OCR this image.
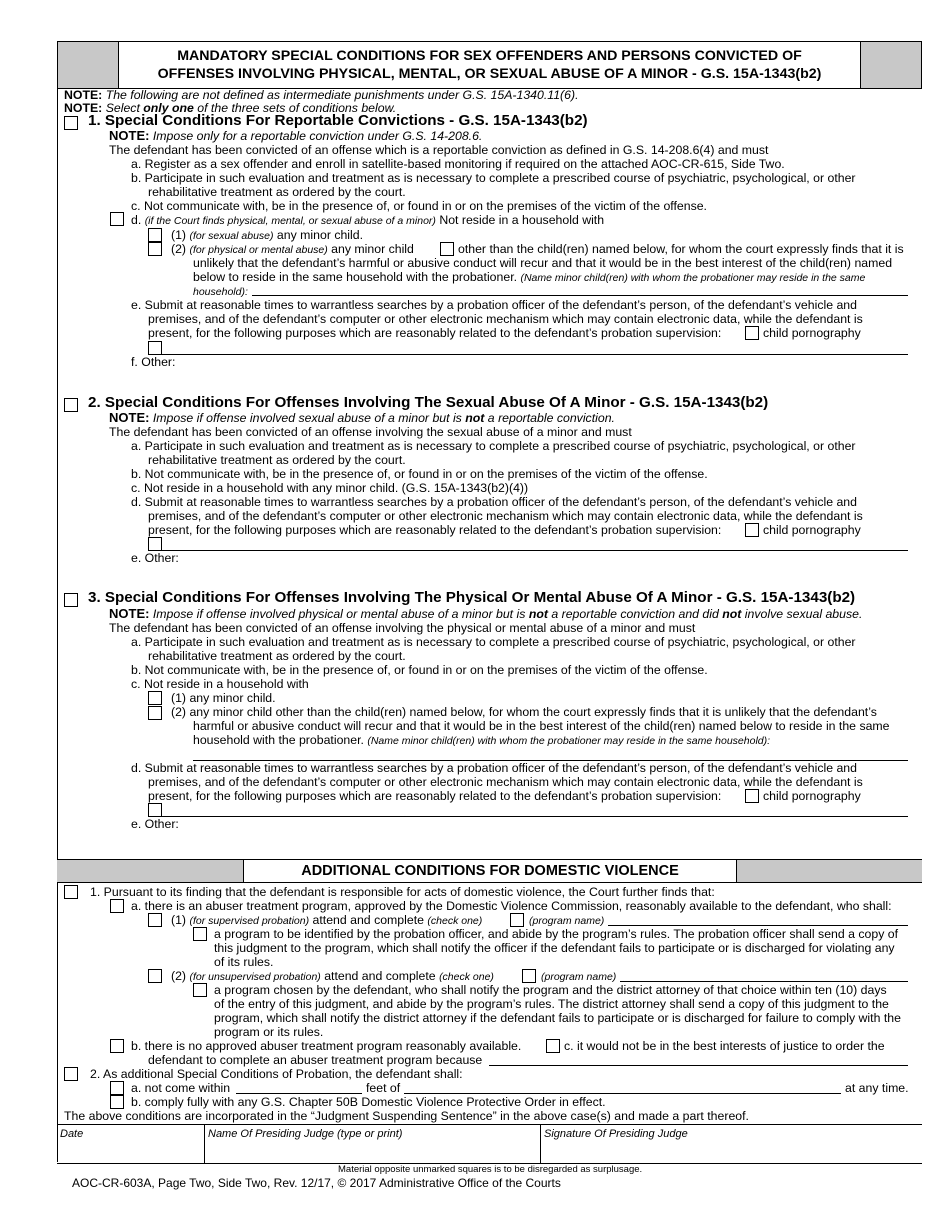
MANDATORY SPECIAL CONDITIONS FOR SEX OFFENDERS AND PERSONS CONVICTED OF
OFFENSES INVOLVING PHYSICAL, MENTAL, OR SEXUAL ABUSE OF A MINOR - G.S. 15A-1343(b2)
NOTE: The following are not defined as intermediate punishments under G.S. 15A-1340.11(6).
NOTE: Select only one of the three sets of conditions below.
1. Special Conditions For Reportable Convictions - G.S. 15A-1343(b2)
NOTE: Impose only for a reportable conviction under G.S. 14-208.6.
The defendant has been convicted of an offense which is a reportable conviction as defined in G.S. 14-208.6(4) and must
a. Register as a sex offender and enroll in satellite-based monitoring if required on the attached AOC-CR-615, Side Two.
b. Participate in such evaluation and treatment as is necessary to complete a prescribed course of psychiatric, psychological, or other
rehabilitative treatment as ordered by the court.
c. Not communicate with, be in the presence of, or found in or on the premises of the victim of the offense.
d. (if the Court finds physical, mental, or sexual abuse of a minor) Not reside in a household with
(1) (for sexual abuse) any minor child.
(2) (for physical or mental abuse) any minor child	other than the child(ren) named below, for whom the court expressly finds that it is
unlikely that the defendant’s harmful or abusive conduct will recur and that it would be in the best interest of the child(ren) named
below to reside in the same household with the probationer. (Name minor child(ren) with whom the probationer may reside in the same
household):
e. Submit at reasonable times to warrantless searches by a probation officer of the defendant’s person, of the defendant’s vehicle and
premises, and of the defendant’s computer or other electronic mechanism which may contain electronic data, while the defendant is
present, for the following purposes which are reasonably related to the defendant’s probation supervision:	child pornography
f. Other:
2. Special Conditions For Offenses Involving The Sexual Abuse Of A Minor - G.S. 15A-1343(b2)
NOTE: Impose if offense involved sexual abuse of a minor but is not a reportable conviction.
The defendant has been convicted of an offense involving the sexual abuse of a minor and must
a. Participate in such evaluation and treatment as is necessary to complete a prescribed course of psychiatric, psychological, or other
rehabilitative treatment as ordered by the court.
b. Not communicate with, be in the presence of, or found in or on the premises of the victim of the offense.
c. Not reside in a household with any minor child. (G.S. 15A-1343(b2)(4))
d. Submit at reasonable times to warrantless searches by a probation officer of the defendant’s person, of the defendant’s vehicle and
premises, and of the defendant’s computer or other electronic mechanism which may contain electronic data, while the defendant is
present, for the following purposes which are reasonably related to the defendant’s probation supervision:	child pornography
e. Other:
3. Special Conditions For Offenses Involving The Physical Or Mental Abuse Of A Minor - G.S. 15A-1343(b2)
NOTE: Impose if offense involved physical or mental abuse of a minor but is not a reportable conviction and did not involve sexual abuse.
The defendant has been convicted of an offense involving the physical or mental abuse of a minor and must
a. Participate in such evaluation and treatment as is necessary to complete a prescribed course of psychiatric, psychological, or other
rehabilitative treatment as ordered by the court.
b. Not communicate with, be in the presence of, or found in or on the premises of the victim of the offense.
c. Not reside in a household with
(1) any minor child.
(2) any minor child other than the child(ren) named below, for whom the court expressly finds that it is unlikely that the defendant’s
harmful or abusive conduct will recur and that it would be in the best interest of the child(ren) named below to reside in the same
household with the probationer. (Name minor child(ren) with whom the probationer may reside in the same household):
d. Submit at reasonable times to warrantless searches by a probation officer of the defendant’s person, of the defendant’s vehicle and
premises, and of the defendant’s computer or other electronic mechanism which may contain electronic data, while the defendant is
present, for the following purposes which are reasonably related to the defendant’s probation supervision:	child pornography
e. Other:
ADDITIONAL CONDITIONS FOR DOMESTIC VIOLENCE
1. Pursuant to its finding that the defendant is responsible for acts of domestic violence, the Court further finds that:
a. there is an abuser treatment program, approved by the Domestic Violence Commission, reasonably available to the defendant, who shall:
(1) (for supervised probation) attend and complete (check one)	(program name)
a program to be identified by the probation officer, and abide by the program’s rules. The probation officer shall send a copy of
this judgment to the program, which shall notify the officer if the defendant fails to participate or is discharged for violating any
of its rules.
(2) (for unsupervised probation) attend and complete (check one)	(program name)
a program chosen by the defendant, who shall notify the program and the district attorney of that choice within ten (10) days
of the entry of this judgment, and abide by the program’s rules. The district attorney shall send a copy of this judgment to the
program, which shall notify the district attorney if the defendant fails to participate or is discharged for failure to comply with the
program or its rules.
b. there is no approved abuser treatment program reasonably available.	c. it would not be in the best interests of justice to order the
defendant to complete an abuser treatment program because
2. As additional Special Conditions of Probation, the defendant shall:
a. not come within	feet of	at any time.
b. comply fully with any G.S. Chapter 50B Domestic Violence Protective Order in effect.
The above conditions are incorporated in the “Judgment Suspending Sentence” in the above case(s) and made a part thereof.
Date	Name Of Presiding Judge (type or print)	Signature Of Presiding Judge
Material opposite unmarked squares is to be disregarded as surplusage.
AOC-CR-603A, Page Two, Side Two, Rev. 12/17, © 2017 Administrative Office of the Courts
